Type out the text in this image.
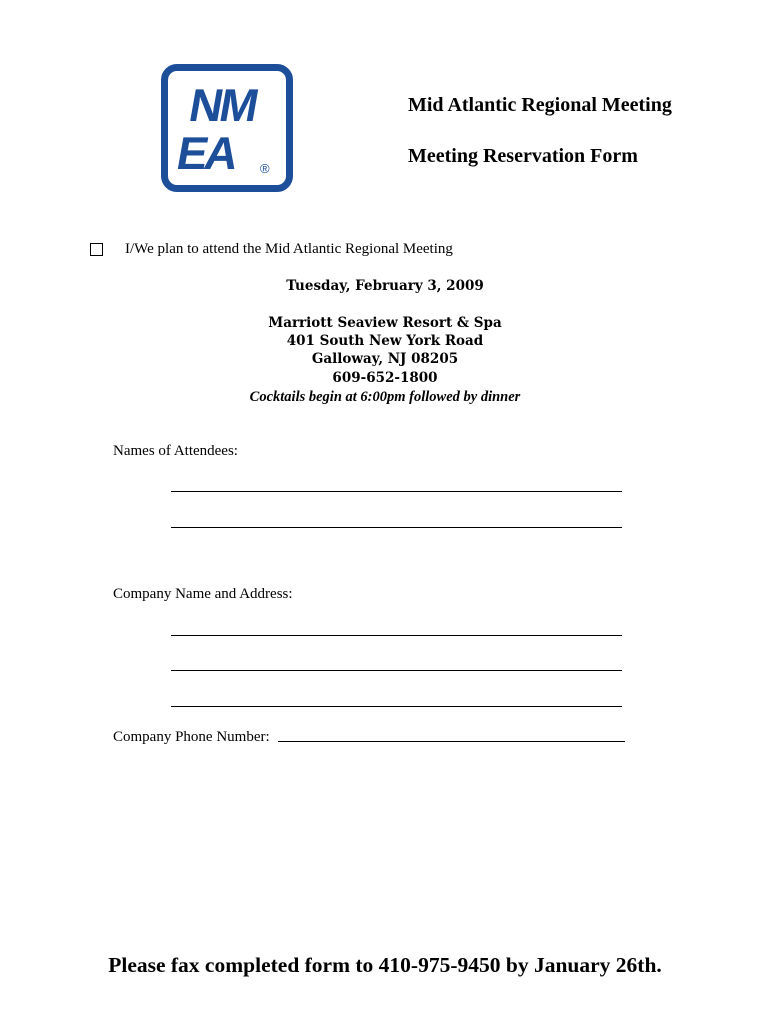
NM
EA ®
Mid Atlantic Regional Meeting
Meeting Reservation Form
I/We plan to attend the Mid Atlantic Regional Meeting
Tuesday, February 3, 2009
Marriott Seaview Resort & Spa
401 South New York Road
Galloway, NJ 08205
609-652-1800
Cocktails begin at 6:00pm followed by dinner
Names of Attendees:
Company Name and Address:
Company Phone Number:
Please fax completed form to 410-975-9450 by January 26th.
